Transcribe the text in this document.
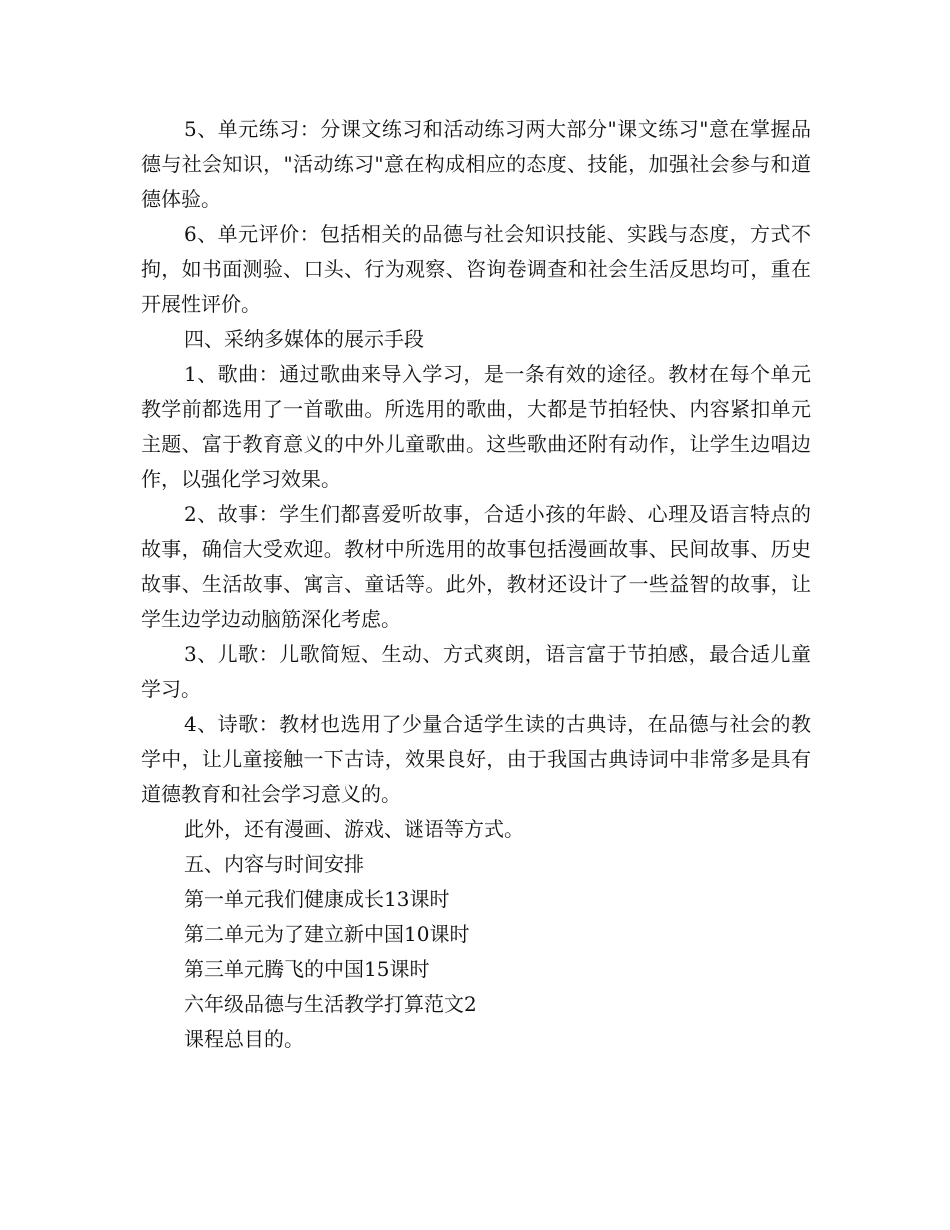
5、单元练习：分课文练习和活动练习两大部分"课文练习"意在掌握品德与社会知识，"活动练习"意在构成相应的态度、技能，加强社会参与和道德体验。

6、单元评价：包括相关的品德与社会知识技能、实践与态度，方式不拘，如书面测验、口头、行为观察、咨询卷调查和社会生活反思均可，重在开展性评价。

四、采纳多媒体的展示手段

1、歌曲：通过歌曲来导入学习，是一条有效的途径。教材在每个单元教学前都选用了一首歌曲。所选用的歌曲，大都是节拍轻快、内容紧扣单元主题、富于教育意义的中外儿童歌曲。这些歌曲还附有动作，让学生边唱边作，以强化学习效果。

2、故事：学生们都喜爱听故事，合适小孩的年龄、心理及语言特点的故事，确信大受欢迎。教材中所选用的故事包括漫画故事、民间故事、历史故事、生活故事、寓言、童话等。此外，教材还设计了一些益智的故事，让学生边学边动脑筋深化考虑。

3、儿歌：儿歌简短、生动、方式爽朗，语言富于节拍感，最合适儿童学习。

4、诗歌：教材也选用了少量合适学生读的古典诗，在品德与社会的教学中，让儿童接触一下古诗，效果良好，由于我国古典诗词中非常多是具有道德教育和社会学习意义的。

此外，还有漫画、游戏、谜语等方式。

五、内容与时间安排

第一单元我们健康成长13课时

第二单元为了建立新中国10课时

第三单元腾飞的中国15课时

六年级品德与生活教学打算范文2

课程总目的。
